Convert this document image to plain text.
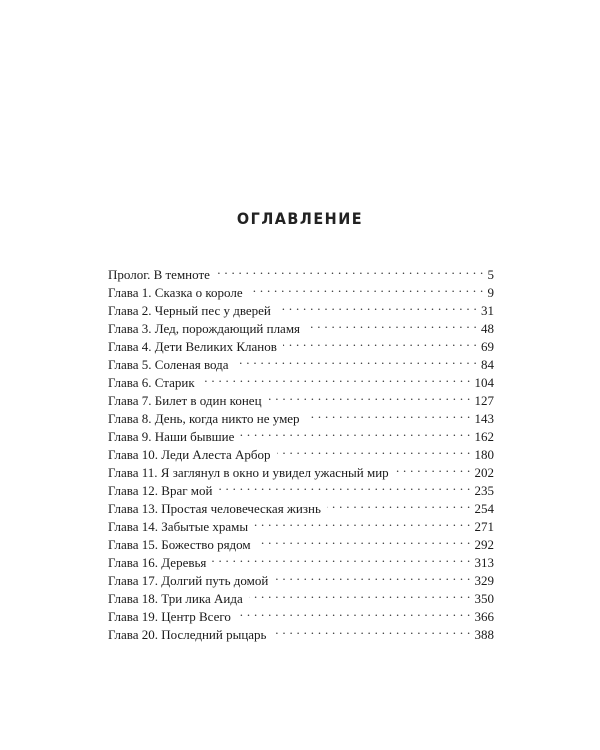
ОГЛАВЛЕНИЕ
Пролог. В темноте . . .	5
Глава 1. Сказка о короле . . .	9
Глава 2. Черный пес у дверей . . .	31
Глава 3. Лед, порождающий пламя . . .	48
Глава 4. Дети Великих Кланов . . .	69
Глава 5. Соленая вода . . .	84
Глава 6. Старик . . .	104
Глава 7. Билет в один конец . . .	127
Глава 8. День, когда никто не умер . . .	143
Глава 9. Наши бывшие . . .	162
Глава 10. Леди Алеста Арбор . . .	180
Глава 11. Я заглянул в окно и увидел ужасный мир . . .	202
Глава 12. Враг мой . . .	235
Глава 13. Простая человеческая жизнь . . .	254
Глава 14. Забытые храмы . . .	271
Глава 15. Божество рядом . . .	292
Глава 16. Деревья . . .	313
Глава 17. Долгий путь домой . . .	329
Глава 18. Три лика Аида . . .	350
Глава 19. Центр Всего . . .	366
Глава 20. Последний рыцарь . . .	388
